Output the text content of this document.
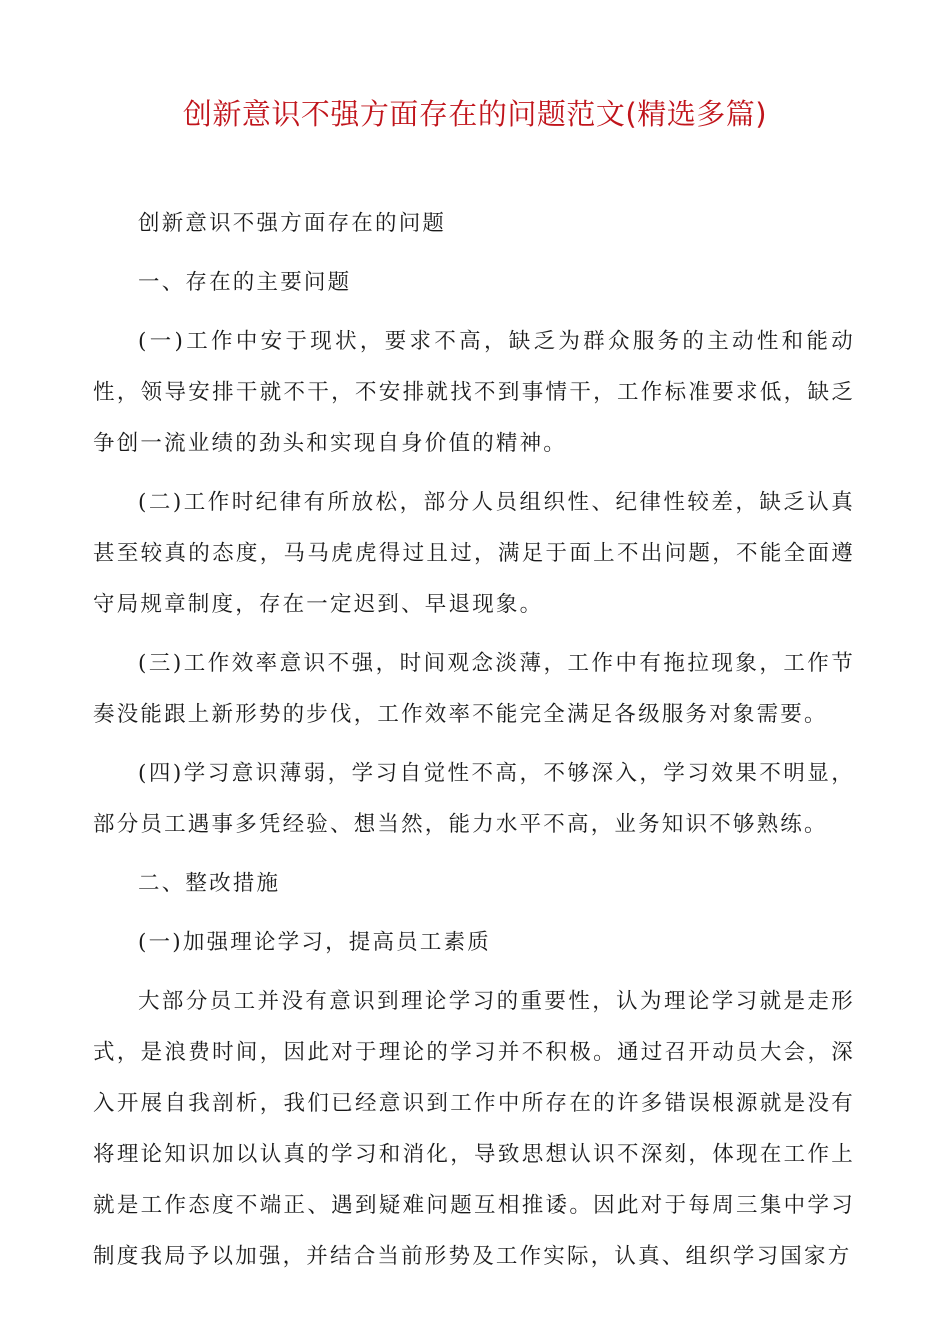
创新意识不强方面存在的问题范文(精选多篇)

创新意识不强方面存在的问题

一、存在的主要问题

(一)工作中安于现状，要求不高，缺乏为群众服务的主动性和能动性，领导安排干就不干，不安排就找不到事情干，工作标准要求低，缺乏争创一流业绩的劲头和实现自身价值的精神。

(二)工作时纪律有所放松，部分人员组织性、纪律性较差，缺乏认真甚至较真的态度，马马虎虎得过且过，满足于面上不出问题，不能全面遵守局规章制度，存在一定迟到、早退现象。

(三)工作效率意识不强，时间观念淡薄，工作中有拖拉现象，工作节奏没能跟上新形势的步伐，工作效率不能完全满足各级服务对象需要。

(四)学习意识薄弱，学习自觉性不高，不够深入，学习效果不明显，部分员工遇事多凭经验、想当然，能力水平不高，业务知识不够熟练。

二、整改措施

(一)加强理论学习，提高员工素质

大部分员工并没有意识到理论学习的重要性，认为理论学习就是走形式，是浪费时间，因此对于理论的学习并不积极。通过召开动员大会，深入开展自我剖析，我们已经意识到工作中所存在的许多错误根源就是没有将理论知识加以认真的学习和消化，导致思想认识不深刻，体现在工作上就是工作态度不端正、遇到疑难问题互相推诿。因此对于每周三集中学习制度我局予以加强，并结合当前形势及工作实际，认真、组织学习国家方
